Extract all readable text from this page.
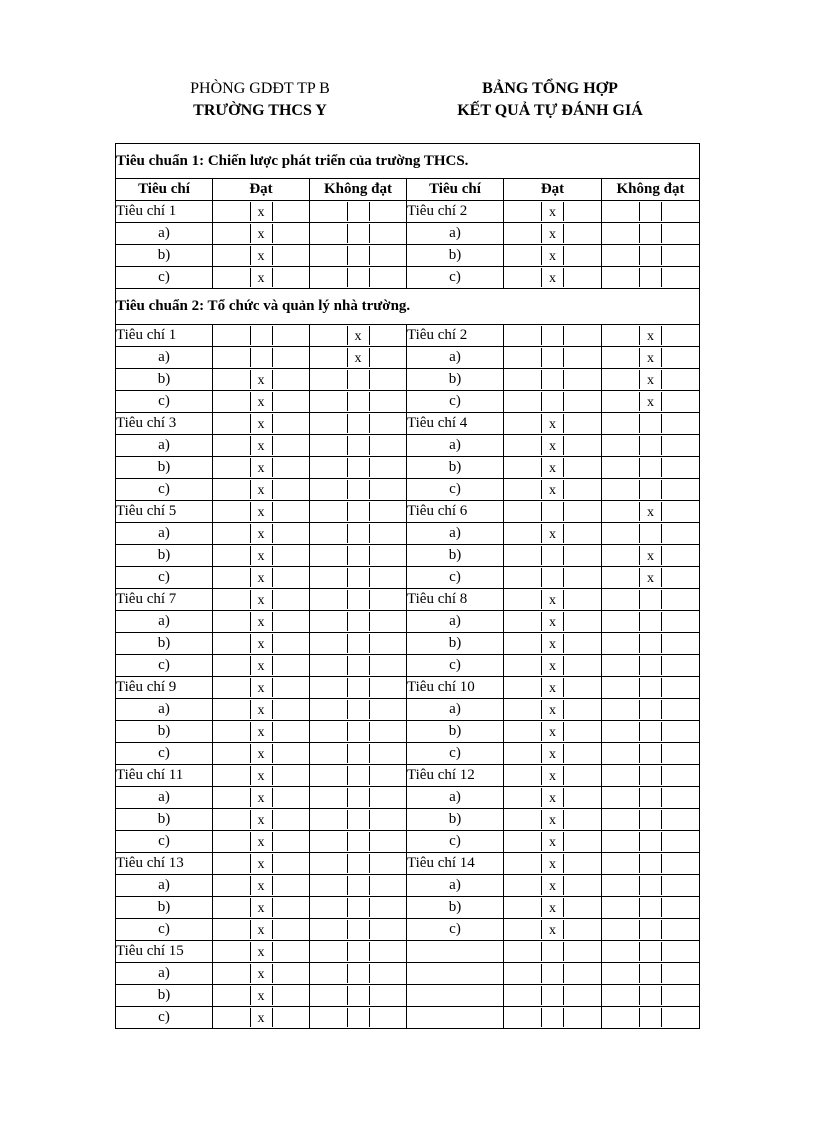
PHÒNG GDĐT TP B
TRƯỜNG THCS Y
BẢNG TỔNG HỢP
KẾT QUẢ TỰ ĐÁNH GIÁ
Tiêu chuẩn 1: Chiến lược phát triển của trường THCS.					
Tiêu chí	Đạt	Không đạt	Tiêu chí	Đạt	Không đạt
Tiêu chí 1	x		Tiêu chí 2	x	
a)	x		a)	x	
b)	x		b)	x	
c)	x		c)	x	
Tiêu chuẩn 2: Tổ chức và quản lý nhà trường.					
Tiêu chí 1		x	Tiêu chí 2		x
a)		x	a)		x
b)	x		b)		x
c)	x		c)		x
Tiêu chí 3	x		Tiêu chí 4	x	
a)	x		a)	x	
b)	x		b)	x	
c)	x		c)	x	
Tiêu chí 5	x		Tiêu chí 6		x
a)	x		a)	x	
b)	x		b)		x
c)	x		c)		x
Tiêu chí 7	x		Tiêu chí 8	x	
a)	x		a)	x	
b)	x		b)	x	
c)	x		c)	x	
Tiêu chí 9	x		Tiêu chí 10	x	
a)	x		a)	x	
b)	x		b)	x	
c)	x		c)	x	
Tiêu chí 11	x		Tiêu chí 12	x	
a)	x		a)	x	
b)	x		b)	x	
c)	x		c)	x	
Tiêu chí 13	x		Tiêu chí 14	x	
a)	x		a)	x	
b)	x		b)	x	
c)	x		c)	x	
Tiêu chí 15	x				
a)	x				
b)	x				
c)	x				
